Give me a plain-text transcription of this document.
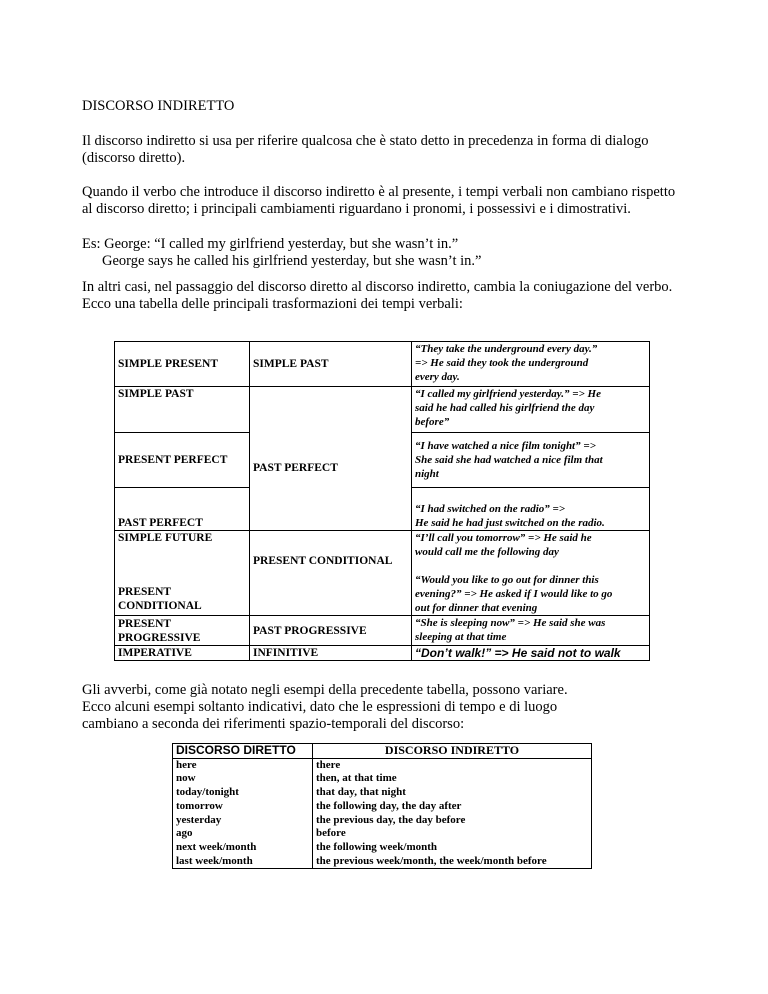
DISCORSO INDIRETTO

Il discorso indiretto si usa per riferire qualcosa che è stato detto in precedenza in forma di dialogo (discorso diretto).

Quando il verbo che introduce il discorso indiretto è al presente, i tempi verbali non cambiano rispetto al discorso diretto; i principali cambiamenti riguardano i pronomi, i possessivi e i dimostrativi.

Es: George: “I called my girlfriend yesterday, but she wasn’t in.”
George says he called his girlfriend yesterday, but she wasn’t in.”

In altri casi, nel passaggio del discorso diretto al discorso indiretto, cambia la coniugazione del verbo.
Ecco una tabella delle principali trasformazioni dei tempi verbali:

SIMPLE PRESENT	SIMPLE PAST	“They take the underground every day.”
=> He said they took the underground
every day.

SIMPLE PAST	PAST PERFECT	“I called my girlfriend yesterday.” => He
said he had called his girlfriend the day
before”

PRESENT PERFECT		“I have watched a nice film tonight” =>
She said she had watched a nice film that
night

PAST PERFECT		“I had switched on the radio” =>
He said he had just switched on the radio.

SIMPLE FUTURE
PRESENT CONDITIONAL	PRESENT CONDITIONAL	“I’ll call you tomorrow” => He said he
would call me the following day
“Would you like to go out for dinner this
evening?” => He asked if I would like to go
out for dinner that evening

PRESENT PROGRESSIVE	PAST PROGRESSIVE	“She is sleeping now” => He said she was
sleeping at that time

IMPERATIVE	INFINITIVE	“Don’t walk!” => He said not to walk

Gli avverbi, come già notato negli esempi della precedente tabella, possono variare.
Ecco alcuni esempi soltanto indicativi, dato che le espressioni di tempo e di luogo
cambiano a seconda dei riferimenti spazio-temporali del discorso:

DISCORSO DIRETTO	DISCORSO INDIRETTO
here	there
now	then, at that time
today/tonight	that day, that night
tomorrow	the following day, the day after
yesterday	the previous day, the day before
ago	before
next week/month	the following week/month
last week/month	the previous week/month, the week/month before
